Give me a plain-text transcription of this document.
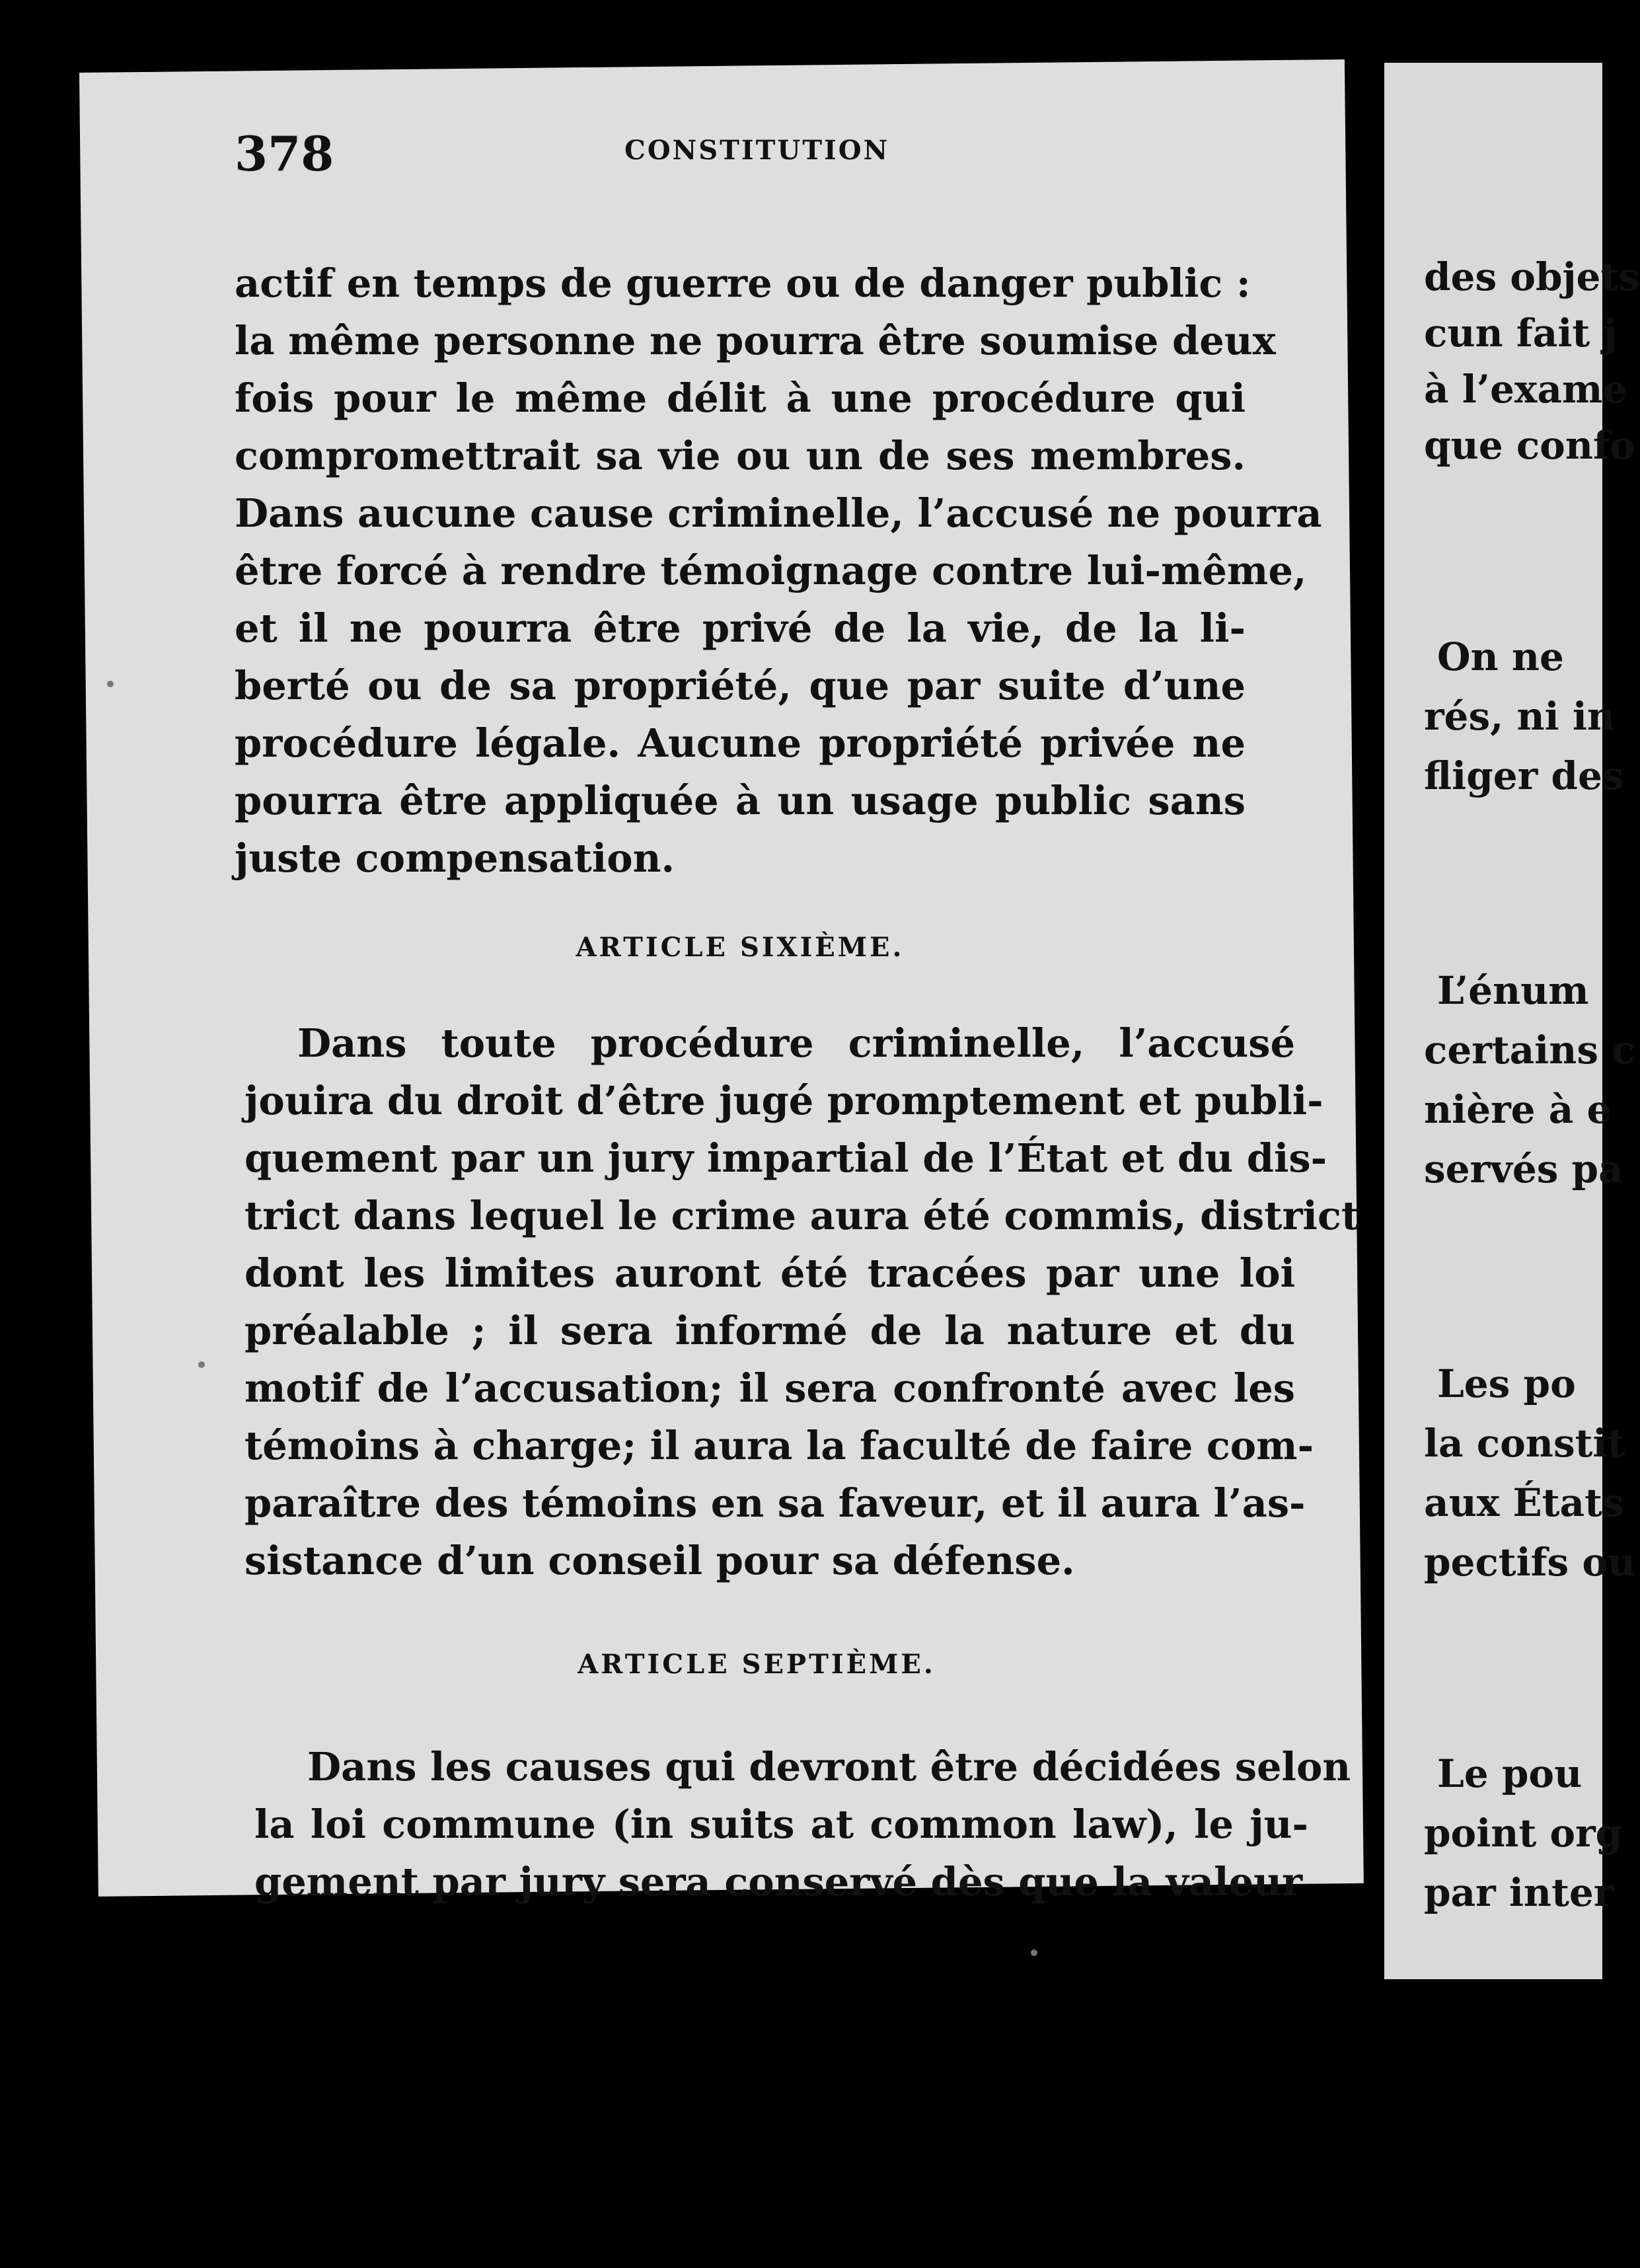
des objets
cun fait j
à l’exame
que confo
On ne
rés, ni in
fliger des
L’énum
certains c
nière à e
servés pa
Les po
la constit
aux États
pectifs ou
Le pou
point org
par inter
378	CONSTITUTION
actif en temps de guerre ou de danger public :
la même personne ne pourra être soumise deux
fois pour le même délit à une procédure qui
compromettrait sa vie ou un de ses membres.
Dans aucune cause criminelle, l’accusé ne pourra
être forcé à rendre témoignage contre lui-même,
et il ne pourra être privé de la vie, de la li-
berté ou de sa propriété, que par suite d’une
procédure légale. Aucune propriété privée ne
pourra être appliquée à un usage public sans
juste compensation.
ARTICLE SIXIÈME.
Dans toute procédure criminelle, l’accusé
jouira du droit d’être jugé promptement et publi-
quement par un jury impartial de l’État et du dis-
trict dans lequel le crime aura été commis, district
dont les limites auront été tracées par une loi
préalable ; il sera informé de la nature et du
motif de l’accusation; il sera confronté avec les
témoins à charge; il aura la faculté de faire com-
paraître des témoins en sa faveur, et il aura l’as-
sistance d’un conseil pour sa défense.
ARTICLE SEPTIÈME.
Dans les causes qui devront être décidées selon
la loi commune (in suits at common law), le ju-
gement par jury sera conservé dès que la valeur
